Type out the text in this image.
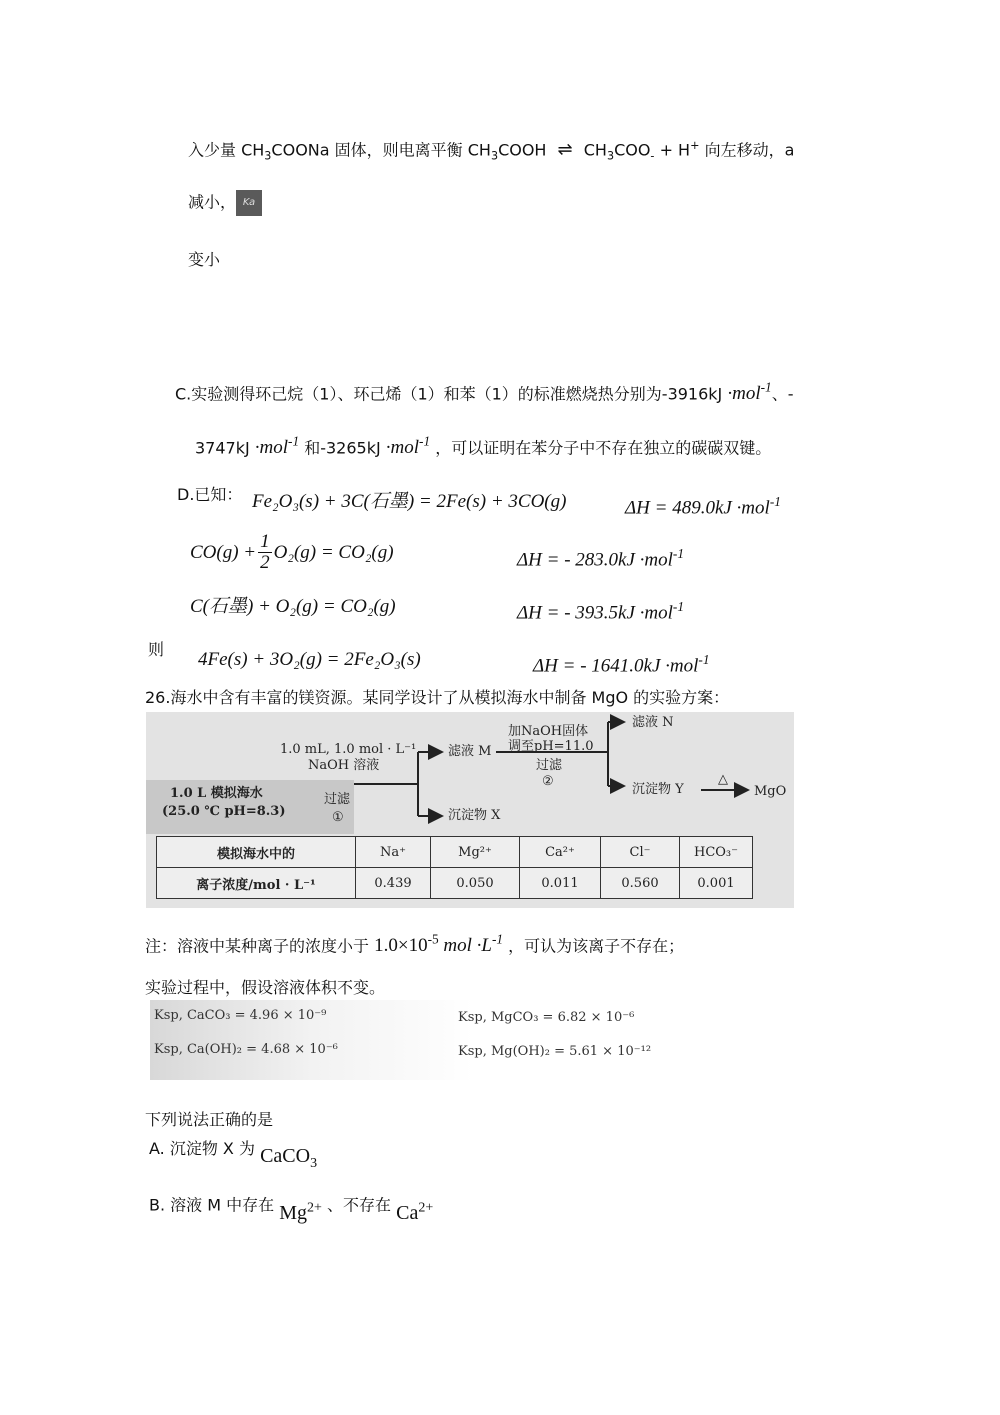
入少量 $CH_3COONa$ 固体，则电离平衡 $CH_3COOH$ ⇌ $CH_3COO_- + H^+$ 向左移动，a
减小， Ka
变小
C.实验测得环己烷（1）、环己烯（1）和苯（1）的标准燃烧热分别为-3916kJ ·mol$^{-1}$、-
3747kJ ·mol$^{-1}$ 和-3265kJ ·mol$^{-1}$ ，可以证明在苯分子中不存在独立的碳碳双键。
D.已知： Fe₂O₃(s) + 3C(石墨) = 2Fe(s) + 3CO(g)	ΔH = 489.0kJ ·mol$^{-1}$
$CO(g) + \frac{1}{2} O_2(g) = CO_2(g)$	ΔH = - 283.0kJ ·mol$^{-1}$
C(石墨) + O₂(g) = CO₂(g)	ΔH = - 393.5kJ ·mol$^{-1}$
则 4Fe(s) + 3O₂(g) = 2Fe₂O₃(s)	ΔH = - 1641.0kJ ·mol$^{-1}$
26.海水中含有丰富的镁资源。某同学设计了从模拟海水中制备 MgO 的实验方案：
1.0 mL, 1.0 mol · L⁻¹
NaOH 溶液
1.0 L 模拟海水
(25.0 ℃ pH=8.3)
过滤
①
滤液 M
沉淀物 X
加NaOH固体
调至pH=11.0
过滤
②
滤液 N
沉淀物 Y
△
MgO
模拟海水中的	Na⁺	Mg²⁺	Ca²⁺	Cl⁻	HCO₃⁻
离子浓度/mol · L⁻¹	0.439	0.050	0.011	0.560	0.001
注：溶液中某种离子的浓度小于 $1.0\times 10^{-5}$ mol $\cdot L^{-1}$ ，可认为该离子不存在；
实验过程中，假设溶液体积不变。
Ksp, CaCO₃ = 4.96 × 10⁻⁹	Ksp, MgCO₃ = 6.82 × 10⁻⁶
Ksp, Ca(OH)₂ = 4.68 × 10⁻⁶	Ksp, Mg(OH)₂ = 5.61 × 10⁻¹²
下列说法正确的是
A. 沉淀物 X 为 CaCO$_3$
B. 溶液 M 中存在 $Mg^{2+}$ 、不存在 $Ca^{2+}$
